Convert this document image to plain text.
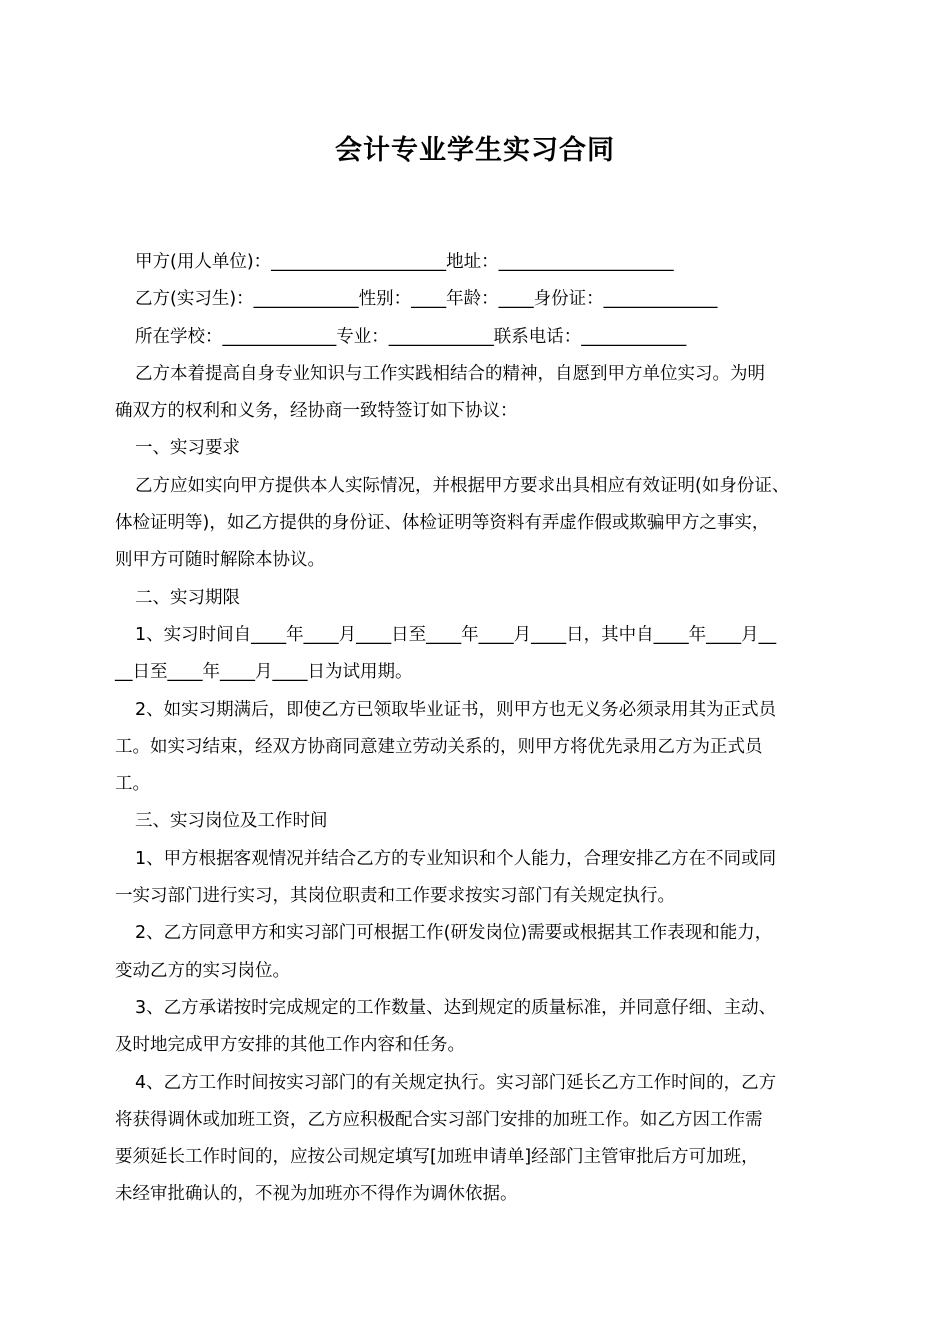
会计专业学生实习合同
甲方(用人单位)：____________________地址：____________________
乙方(实习生)：____________性别：____年龄：____身份证：_____________
所在学校：_____________专业：____________联系电话：____________
乙方本着提高自身专业知识与工作实践相结合的精神，自愿到甲方单位实习。为明
确双方的权利和义务，经协商一致特签订如下协议：
一、实习要求
乙方应如实向甲方提供本人实际情况，并根据甲方要求出具相应有效证明(如身份证、
体检证明等)，如乙方提供的身份证、体检证明等资料有弄虚作假或欺骗甲方之事实，
则甲方可随时解除本协议。
二、实习期限
1、实习时间自____年____月____日至____年____月____日，其中自____年____月__
__日至____年____月____日为试用期。
2、如实习期满后，即使乙方已领取毕业证书，则甲方也无义务必须录用其为正式员
工。如实习结束，经双方协商同意建立劳动关系的，则甲方将优先录用乙方为正式员
工。
三、实习岗位及工作时间
1、甲方根据客观情况并结合乙方的专业知识和个人能力，合理安排乙方在不同或同
一实习部门进行实习，其岗位职责和工作要求按实习部门有关规定执行。
2、乙方同意甲方和实习部门可根据工作(研发岗位)需要或根据其工作表现和能力，
变动乙方的实习岗位。
3、乙方承诺按时完成规定的工作数量、达到规定的质量标准，并同意仔细、主动、
及时地完成甲方安排的其他工作内容和任务。
4、乙方工作时间按实习部门的有关规定执行。实习部门延长乙方工作时间的，乙方
将获得调休或加班工资，乙方应积极配合实习部门安排的加班工作。如乙方因工作需
要须延长工作时间的，应按公司规定填写[加班申请单]经部门主管审批后方可加班，
未经审批确认的，不视为加班亦不得作为调休依据。
